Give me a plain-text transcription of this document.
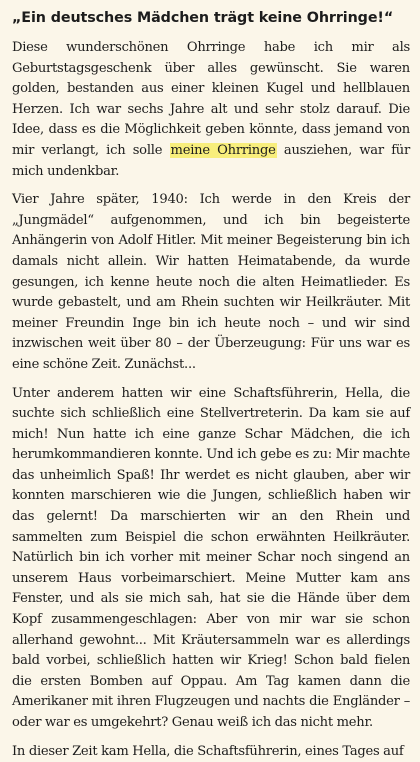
„Ein deutsches Mädchen trägt keine Ohrringe!“

Diese wunderschönen Ohrringe habe ich mir als Geburtstagsgeschenk über alles gewünscht. Sie waren golden, bestanden aus einer kleinen Kugel und hellblauen Herzen. Ich war sechs Jahre alt und sehr stolz darauf. Die Idee, dass es die Möglichkeit geben könnte, dass jemand von mir verlangt, ich solle meine Ohrringe ausziehen, war für mich undenkbar.

Vier Jahre später, 1940: Ich werde in den Kreis der „Jungmädel“ aufgenommen, und ich bin begeisterte Anhängerin von Adolf Hitler. Mit meiner Begeisterung bin ich damals nicht allein. Wir hatten Heimatabende, da wurde gesungen, ich kenne heute noch die alten Heimatlieder. Es wurde gebastelt, und am Rhein suchten wir Heilkräuter. Mit meiner Freundin Inge bin ich heute noch – und wir sind inzwischen weit über 80 – der Überzeugung: Für uns war es eine schöne Zeit. Zunächst...

Unter anderem hatten wir eine Schaftsführerin, Hella, die suchte sich schließlich eine Stellvertreterin. Da kam sie auf mich! Nun hatte ich eine ganze Schar Mädchen, die ich herumkommandieren konnte. Und ich gebe es zu: Mir machte das unheimlich Spaß! Ihr werdet es nicht glauben, aber wir konnten marschieren wie die Jungen, schließlich haben wir das gelernt! Da marschierten wir an den Rhein und sammelten zum Beispiel die schon erwähnten Heilkräuter. Natürlich bin ich vorher mit meiner Schar noch singend an unserem Haus vorbeimarschiert. Meine Mutter kam ans Fenster, und als sie mich sah, hat sie die Hände über dem Kopf zusammengeschlagen: Aber von mir war sie schon allerhand gewohnt... Mit Kräutersammeln war es allerdings bald vorbei, schließlich hatten wir Krieg! Schon bald fielen die ersten Bomben auf Oppau. Am Tag kamen dann die Amerikaner mit ihren Flugzeugen und nachts die Engländer – oder war es umgekehrt? Genau weiß ich das nicht mehr.

In dieser Zeit kam Hella, die Schaftsführerin, eines Tages auf
